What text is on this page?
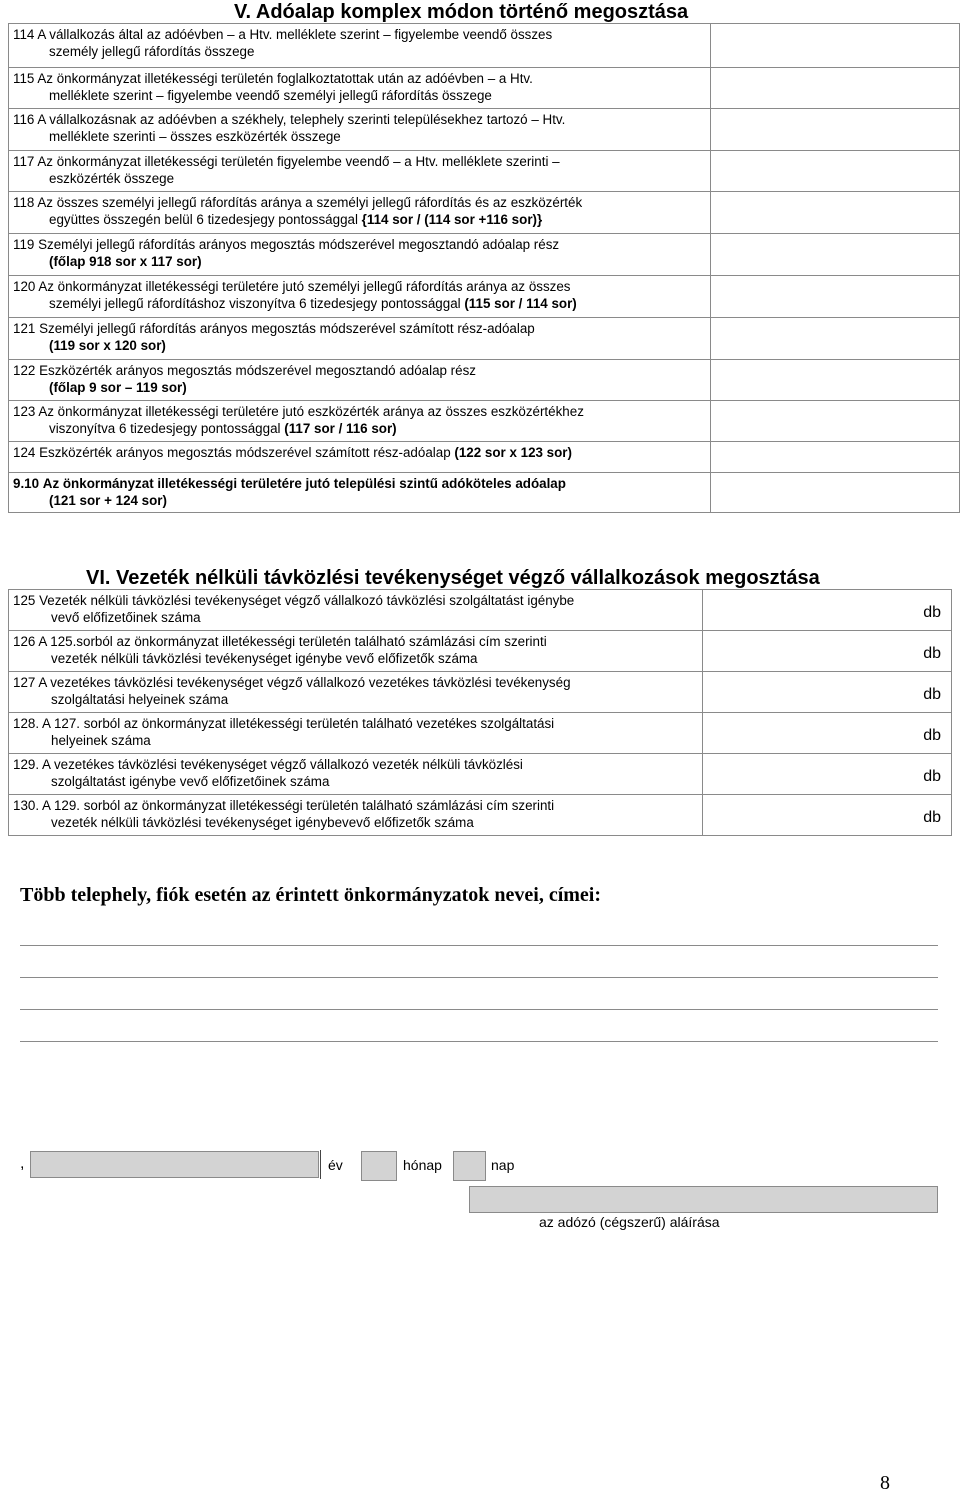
V. Adóalap komplex módon történő megosztása
114 A vállalkozás által az adóévben – a Htv. melléklete szerint – figyelembe veendő összes
személy jellegű ráfordítás összege	

115 Az önkormányzat illetékességi területén foglalkoztatottak után az adóévben – a Htv.
melléklete szerint – figyelembe veendő személyi jellegű ráfordítás összege	

116 A vállalkozásnak az adóévben a székhely, telephely szerinti településekhez tartozó – Htv.
melléklete szerinti – összes eszközérték összege	

117 Az önkormányzat illetékességi területén figyelembe veendő – a Htv. melléklete szerinti –
eszközérték összege	

118 Az összes személyi jellegű ráfordítás aránya a személyi jellegű ráfordítás és az eszközérték
együttes összegén belül 6 tizedesjegy pontossággal {114 sor / (114 sor +116 sor)}	

119 Személyi jellegű ráfordítás arányos megosztás módszerével megosztandó adóalap rész
(főlap 918 sor x 117 sor)	

120 Az önkormányzat illetékességi területére jutó személyi jellegű ráfordítás aránya az összes
személyi jellegű ráfordításhoz viszonyítva 6 tizedesjegy pontossággal (115 sor / 114 sor)	

121 Személyi jellegű ráfordítás arányos megosztás módszerével számított rész-adóalap
(119 sor x 120 sor)	

122 Eszközérték arányos megosztás módszerével megosztandó adóalap rész
(főlap 9 sor – 119 sor)	

123 Az önkormányzat illetékességi területére jutó eszközérték aránya az összes eszközértékhez
viszonyítva 6 tizedesjegy pontossággal (117 sor / 116 sor)	

124 Eszközérték arányos megosztás módszerével számított rész-adóalap (122 sor x 123 sor)	
9.10 Az önkormányzat illetékességi területére jutó települési szintű adóköteles adóalap
(121 sor + 124 sor)	

VI. Vezeték nélküli távközlési tevékenységet végző vállalkozások megosztása
125 Vezeték nélküli távközlési tevékenységet végző vállalkozó távközlési szolgáltatást igénybe
vevő előfizetőinek száma	db

126 A 125.sorból az önkormányzat illetékességi területén található számlázási cím szerinti
vezeték nélküli távközlési tevékenységet igénybe vevő előfizetők száma	db

127 A vezetékes távközlési tevékenységet végző vállalkozó vezetékes távközlési tevékenység
szolgáltatási helyeinek száma	db

128. A 127. sorból az önkormányzat illetékességi területén található vezetékes szolgáltatási
helyeinek száma	db

129. A vezetékes távközlési tevékenységet végző vállalkozó vezeték nélküli távközlési
szolgáltatást igénybe vevő előfizetőinek száma	db

130. A 129. sorból az önkormányzat illetékességi területén található számlázási cím szerinti
vezeték nélküli távközlési tevékenységet igénybevevő előfizetők száma	db
Több telephely, fiók esetén az érintett önkormányzatok nevei, címei:
,	év	hónap	nap
az adózó (cégszerű) aláírása
8
